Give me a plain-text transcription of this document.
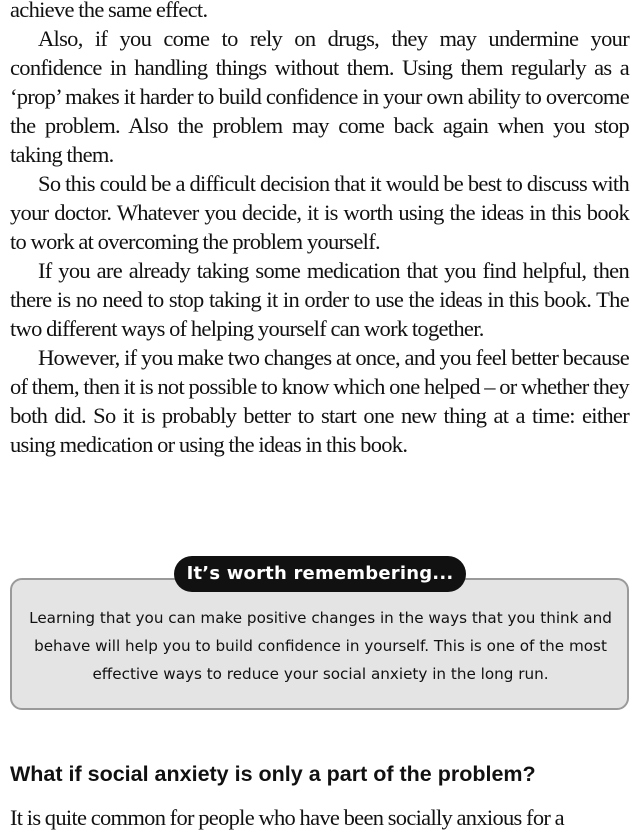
achieve the same effect.

Also, if you come to rely on drugs, they may undermine your confidence in handling things without them. Using them regularly as a ‘prop’ makes it harder to build confidence in your own ability to overcome the problem. Also the problem may come back again when you stop taking them.

So this could be a difficult decision that it would be best to discuss with your doctor. Whatever you decide, it is worth using the ideas in this book to work at overcoming the problem yourself.

If you are already taking some medication that you find helpful, then there is no need to stop taking it in order to use the ideas in this book. The two different ways of helping yourself can work together.

However, if you make two changes at once, and you feel better because of them, then it is not possible to know which one helped – or whether they both did. So it is probably better to start one new thing at a time: either using medication or using the ideas in this book.

Learning that you can make positive changes in the ways that you think and behave will help you to build confidence in yourself. This is one of the most effective ways to reduce your social anxiety in the long run.
It’s worth remembering...
What if social anxiety is only a part of the problem?

It is quite common for people who have been socially anxious for a
